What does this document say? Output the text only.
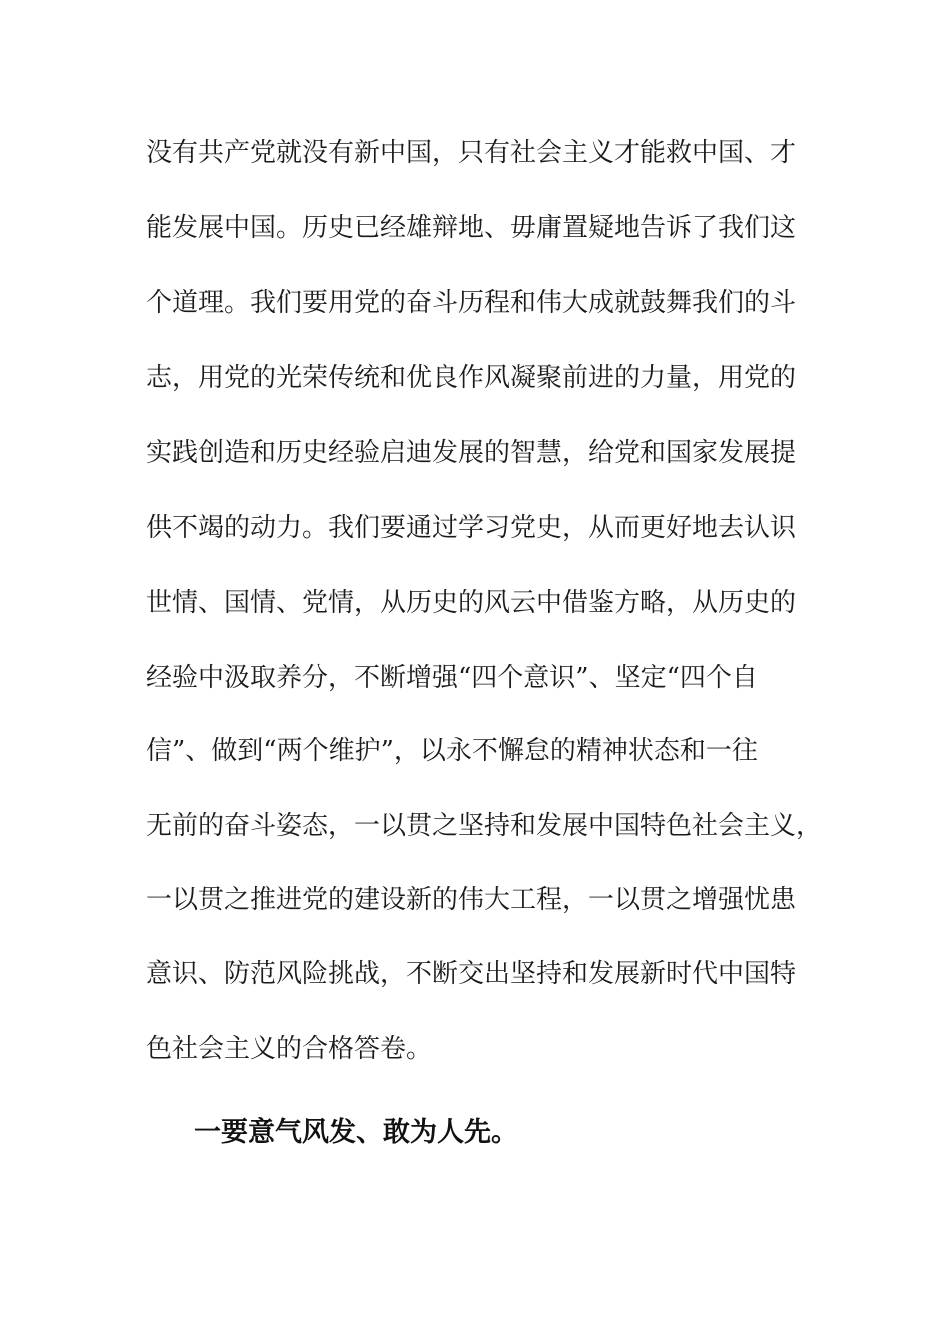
没有共产党就没有新中国，只有社会主义才能救中国、才
能发展中国。历史已经雄辩地、毋庸置疑地告诉了我们这
个道理。我们要用党的奋斗历程和伟大成就鼓舞我们的斗
志，用党的光荣传统和优良作风凝聚前进的力量，用党的
实践创造和历史经验启迪发展的智慧，给党和国家发展提
供不竭的动力。我们要通过学习党史，从而更好地去认识
世情、国情、党情，从历史的风云中借鉴方略，从历史的
经验中汲取养分，不断增强“四个意识”、坚定“四个自
信”、做到“两个维护”，以永不懈怠的精神状态和一往
无前的奋斗姿态，一以贯之坚持和发展中国特色社会主义，
一以贯之推进党的建设新的伟大工程，一以贯之增强忧患
意识、防范风险挑战，不断交出坚持和发展新时代中国特
色社会主义的合格答卷。
一要意气风发、敢为人先。
